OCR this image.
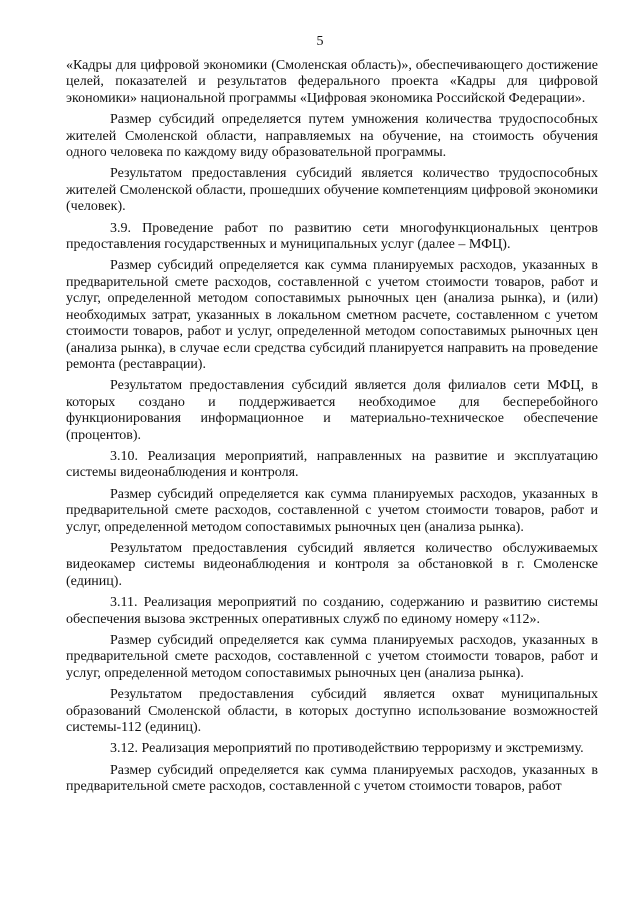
5

«Кадры для цифровой экономики (Смоленская область)», обеспечивающего достижение целей, показателей и результатов федерального проекта «Кадры для цифровой экономики» национальной программы «Цифровая экономика Российской Федерации».

Размер субсидий определяется путем умножения количества трудоспособных жителей Смоленской области, направляемых на обучение, на стоимость обучения одного человека по каждому виду образовательной программы.

Результатом предоставления субсидий является количество трудоспособных жителей Смоленской области, прошедших обучение компетенциям цифровой экономики (человек).

3.9. Проведение работ по развитию сети многофункциональных центров предоставления государственных и муниципальных услуг (далее – МФЦ).

Размер субсидий определяется как сумма планируемых расходов, указанных в предварительной смете расходов, составленной с учетом стоимости товаров, работ и услуг, определенной методом сопоставимых рыночных цен (анализа рынка), и (или) необходимых затрат, указанных в локальном сметном расчете, составленном с учетом стоимости товаров, работ и услуг, определенной методом сопоставимых рыночных цен (анализа рынка), в случае если средства субсидий планируется направить на проведение ремонта (реставрации).

Результатом предоставления субсидий является доля филиалов сети МФЦ, в которых создано и поддерживается необходимое для бесперебойного функционирования информационное и материально-техническое обеспечение (процентов).

3.10. Реализация мероприятий, направленных на развитие и эксплуатацию системы видеонаблюдения и контроля.

Размер субсидий определяется как сумма планируемых расходов, указанных в предварительной смете расходов, составленной с учетом стоимости товаров, работ и услуг, определенной методом сопоставимых рыночных цен (анализа рынка).

Результатом предоставления субсидий является количество обслуживаемых видеокамер системы видеонаблюдения и контроля за обстановкой в г. Смоленске (единиц).

3.11. Реализация мероприятий по созданию, содержанию и развитию системы обеспечения вызова экстренных оперативных служб по единому номеру «112».

Размер субсидий определяется как сумма планируемых расходов, указанных в предварительной смете расходов, составленной с учетом стоимости товаров, работ и услуг, определенной методом сопоставимых рыночных цен (анализа рынка).

Результатом предоставления субсидий является охват муниципальных образований Смоленской области, в которых доступно использование возможностей системы-112 (единиц).

3.12. Реализация мероприятий по противодействию терроризму и экстремизму.

Размер субсидий определяется как сумма планируемых расходов, указанных в предварительной смете расходов, составленной с учетом стоимости товаров, работ
